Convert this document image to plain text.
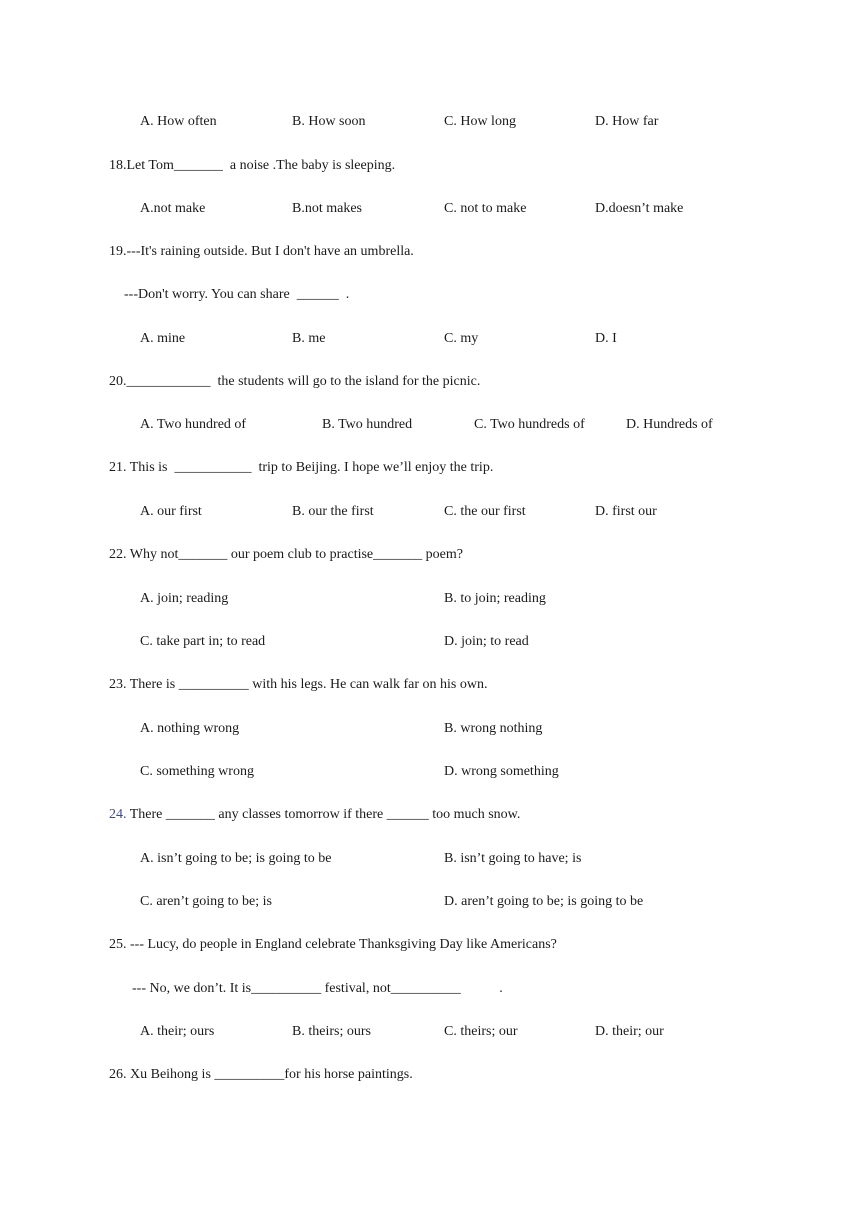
A. How often

	B. How soon

	C. How long

	D. How far

18.Let Tom_______  a noise .The baby is sleeping.

A.not make

	B.not makes

	C. not to make

	D.doesn’t make

19.---It's raining outside. But I don't have an umbrella.
---Don't worry. You can share  ______  .

A. mine

	B. me

	C. my

	D. I

20.____________  the students will go to the island for the picnic.

A. Two hundred of

	B. Two hundred

	C. Two hundreds of

	D. Hundreds of

21. This is  ___________  trip to Beijing. I hope we’ll enjoy the trip.

A. our first

	B. our the first

	C. the our first

	D. first our

22. Why not_______ our poem club to practise_______ poem?

A. join; reading

	B. to join; reading

C. take part in; to read

	D. join; to read

23. There is __________ with his legs. He can walk far on his own.

A. nothing wrong

	B. wrong nothing

C. something wrong

	D. wrong something

24. There _______ any classes tomorrow if there ______ too much snow.

A. isn’t going to be; is going to be

	B. isn’t going to have; is

C. aren’t going to be; is

	D. aren’t going to be; is going to be

25. --- Lucy, do people in England celebrate Thanksgiving Day like Americans?
--- No, we don’t. It is__________ festival, not__________           .

A. their; ours

	B. theirs; ours

	C. theirs; our

	D. their; our

26. Xu Beihong is __________for his horse paintings.
